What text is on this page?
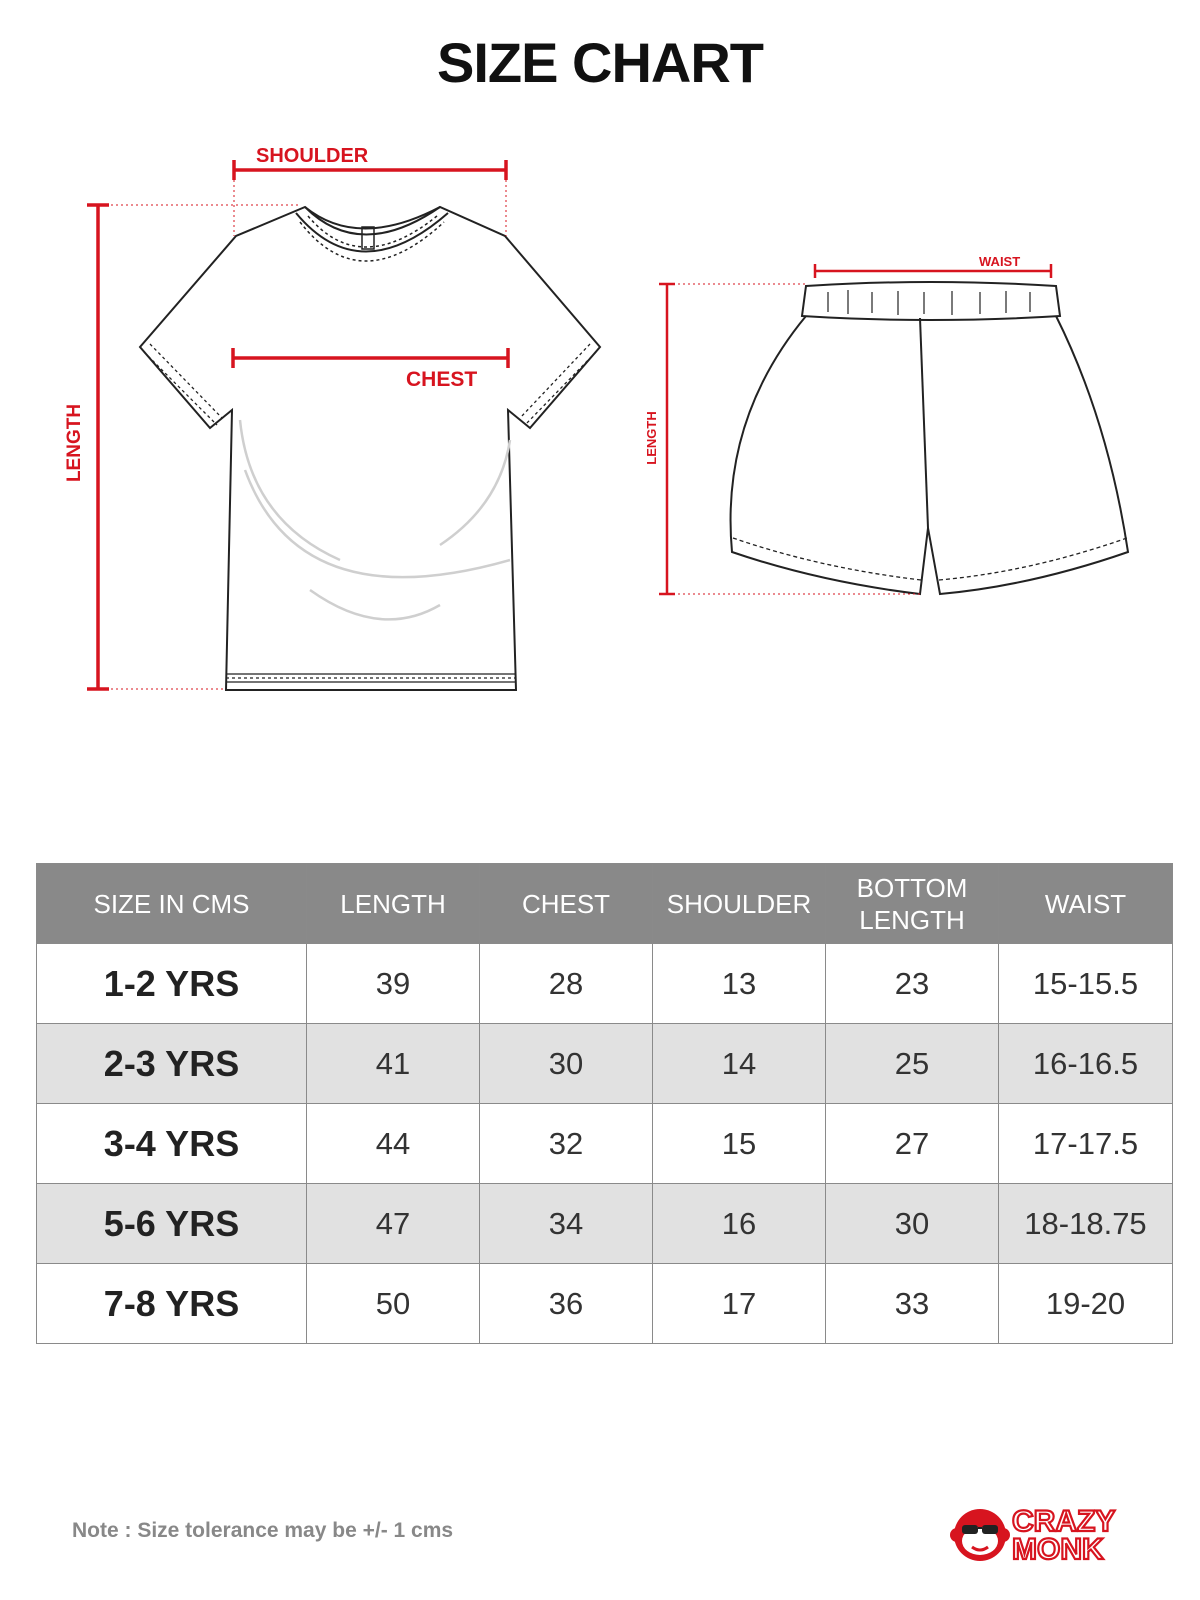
SIZE CHART
SHOULDER
CHEST
LENGTH
WAIST
LENGTH
SIZE IN CMS	LENGTH	CHEST	SHOULDER	BOTTOM LENGTH	WAIST
1-2 YRS	39	28	13	23	15-15.5
2-3 YRS	41	30	14	25	16-16.5
3-4 YRS	44	32	15	27	17-17.5
5-6 YRS	47	34	16	30	18-18.75
7-8 YRS	50	36	17	33	19-20
Note : Size tolerance may be +/- 1 cms	CRAZY
MONK
